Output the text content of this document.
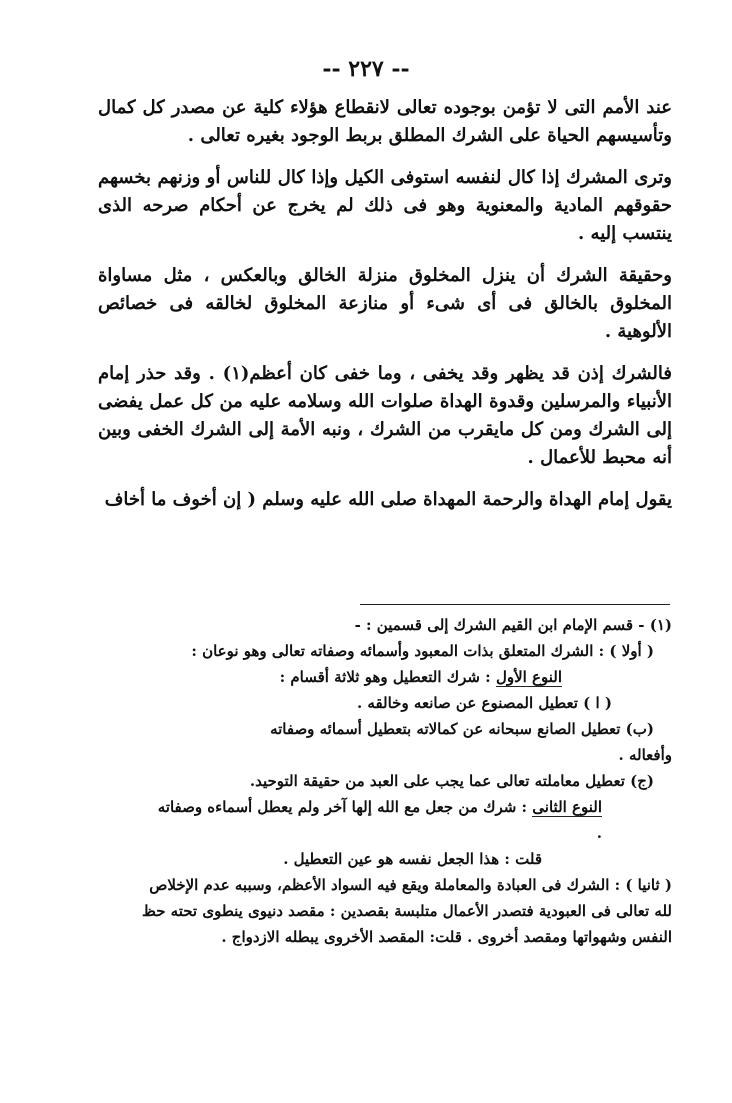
-- ٢٢٧ --

عند الأمم التى لا تؤمن بوجوده تعالى لانقطاع هؤلاء كلية عن مصدر كل كمال وتأسيسهم الحياة على الشرك المطلق بربط الوجود بغيره تعالى .

وترى المشرك إذا كال لنفسه استوفى الكيل وإذا كال للناس أو وزنهم بخسهم حقوقهم المادية والمعنوية وهو فى ذلك لم يخرج عن أحكام صرحه الذى ينتسب إليه .

وحقيقة الشرك أن ينزل المخلوق منزلة الخالق وبالعكس ، مثل مساواة المخلوق بالخالق فى أى شىء أو منازعة المخلوق لخالقه فى خصائص الألوهية .

فالشرك إذن قد يظهر وقد يخفى ، وما خفى كان أعظم(١) . وقد حذر إمام الأنبياء والمرسلين وقدوة الهداة صلوات الله وسلامه عليه من كل عمل يفضى إلى الشرك ومن كل مايقرب من الشرك ، ونبه الأمة إلى الشرك الخفى وبين أنه محبط للأعمال .

يقول إمام الهداة والرحمة المهداة صلى الله عليه وسلم ( إن أخوف ما أخاف

(١) - قسم الإمام ابن القيم الشرك إلى قسمين : -

( أولا ) : الشرك المتعلق بذات المعبود وأسمائه وصفاته تعالى وهو نوعان :

النوع الأول : شرك التعطيل وهو ثلاثة أقسام :

( ا ) تعطيل المصنوع عن صانعه وخالقه .

(ب) تعطيل الصانع سبحانه عن كمالاته بتعطيل أسمائه وصفاته

وأفعاله .

(ج) تعطيل معاملته تعالى عما يجب على العبد من حقيقة التوحيد.

النوع الثانى : شرك من جعل مع الله إلها آخر ولم يعطل أسماءه وصفاته .

قلت : هذا الجعل نفسه هو عين التعطيل .

( ثانيا ) : الشرك فى العبادة والمعاملة ويقع فيه السواد الأعظم، وسببه عدم الإخلاص

لله تعالى فى العبودية فتصدر الأعمال متلبسة بقصدين : مقصد دنيوى ينطوى تحته حظ

النفس وشهواتها ومقصد أخروى . قلت: المقصد الأخروى يبطله الازدواج .
